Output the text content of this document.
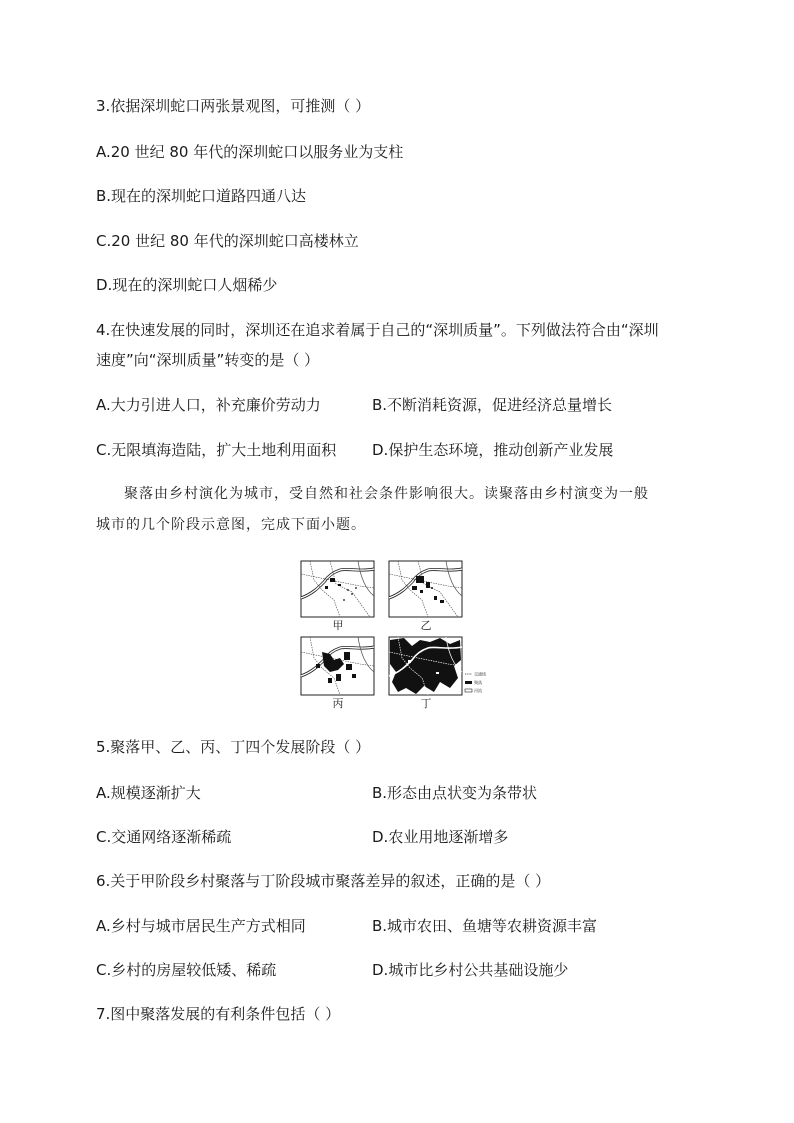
3.依据深圳蛇口两张景观图，可推测（ ）
A.20 世纪 80 年代的深圳蛇口以服务业为支柱
B.现在的深圳蛇口道路四通八达
C.20 世纪 80 年代的深圳蛇口高楼林立
D.现在的深圳蛇口人烟稀少
4.在快速发展的同时，深圳还在追求着属于自己的“深圳质量”。下列做法符合由“深圳
速度”向“深圳质量”转变的是（ ）
A.大力引进人口，补充廉价劳动力	B.不断消耗资源，促进经济总量增长
C.无限填海造陆，扩大土地利用面积 D.保护生态环境，推动创新产业发展
聚落由乡村演化为城市，受自然和社会条件影响很大。读聚落由乡村演变为一般
城市的几个阶段示意图，完成下面小题。
交通线
聚落
河流
甲	乙
丙	丁
5.聚落甲、乙、丙、丁四个发展阶段（ ）
A.规模逐渐扩大	B.形态由点状变为条带状
C.交通网络逐渐稀疏	D.农业用地逐渐增多
6.关于甲阶段乡村聚落与丁阶段城市聚落差异的叙述，正确的是（ ）
A.乡村与城市居民生产方式相同	B.城市农田、鱼塘等农耕资源丰富
C.乡村的房屋较低矮、稀疏	D.城市比乡村公共基础设施少
7.图中聚落发展的有利条件包括（ ）
